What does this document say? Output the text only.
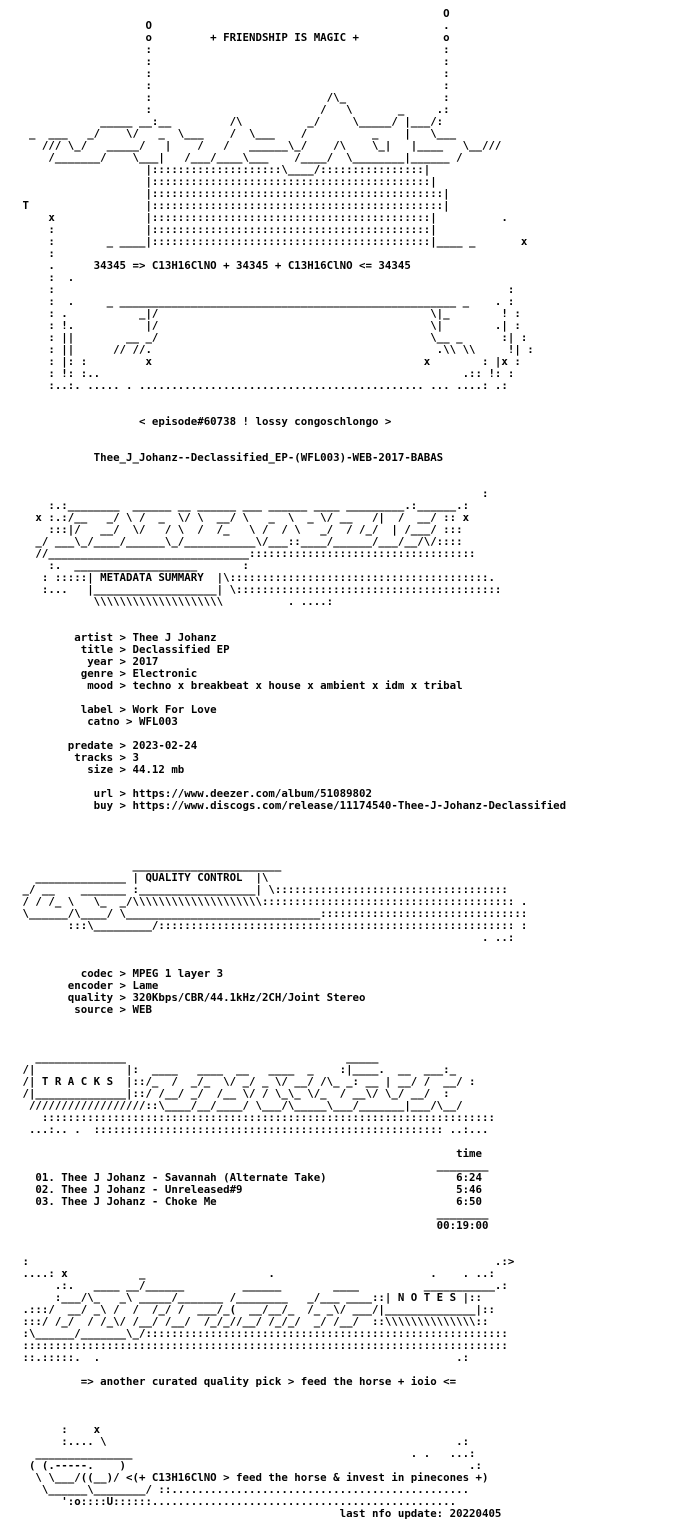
O
O                                             .
o         + FRIENDSHIP IS MAGIC +             o
:                                             :
:                                             :
:                                             :
:                                             :
:                           /\_               :
:                          /   \       _     .:
_____ __:__         /\          _/     \_____/ |___/:
_  ___   _/    \/   _  \___    /  \___    /          _    |   \___
/// \_/   _____/   |    /   /   ______\_/    /\    \_|   |____   \__///
/_______/    \___|   /___/____\___    /____/  \________|______ /
|::::::::::::::::::::\____/::::::::::::::::|
|:::::::::::::::::::::::::::::::::::::::::::|
|:::::::::::::::::::::::::::::::::::::::::::::|
T                  |:::::::::::::::::::::::::::::::::::::::::::::|
x              |:::::::::::::::::::::::::::::::::::::::::::|          .
:              |:::::::::::::::::::::::::::::::::::::::::::|
:        _ ____|:::::::::::::::::::::::::::::::::::::::::::|____ _       x
:
.      34345 => C13H16ClNO + 34345 + C13H16ClNO <= 34345
:  .
:                                                                      :
:  .     _ ____________________________________________________ _    . :
: .           _|/                                          \|_        ! :
: !.           |/                                          \|        .| :
: ||        __ _/                                          \__ _      :| :
: ||      // //.                                            .\\ \\     !| :
: |: :         x                                          x        : |x :
: !: :..                                                        .:: !: :
:..:. ..... . ............................................ ... ....: .:
< episode#60738 ! lossy congoschlongo >
Thee_J_Johanz--Declassified_EP-(WFL003)-WEB-2017-BABAS
:
:.:________  ______ __ ______ ___ ______ ____ _________.:______.:
x :.:/__   _/ \ /  _  \/ \  __/ \   _  \  _ \/ __   /|  /  __/ :: x
:::|/   __/  \/   / \  /  /_   \ /  / \   _/  / /_/  | /___/ :::
_/ ___\_/____/______\_/___________\/___::____/______/___/__/\/::::
//_______________________________:::::::::::::::::::::::::::::::::::
:.  ___________________       :
: :::::| METADATA SUMMARY  |\::::::::::::::::::::::::::::::::::::::::.
:...   |___________________| \:::::::::::::::::::::::::::::::::::::::::
\\\\\\\\\\\\\\\\\\\\          . ....:
artist > Thee J Johanz
title > Declassified EP
year > 2017
genre > Electronic
mood > techno x breakbeat x house x ambient x idm x tribal
label > Work For Love
catno > WFL003
predate > 2023-02-24
tracks > 3
size > 44.12 mb
url > https://www.deezer.com/album/51089802
buy > https://www.discogs.com/release/11174540-Thee-J-Johanz-Declassified
_______________________
______________ | QUALITY CONTROL  |\
_/ __    _______ :__________________| \::::::::::::::::::::::::::::::::::::
/ / /_ \   \_  _/\\\\\\\\\\\\\\\\\\\\::::::::::::::::::::::::::::::::::::::: .
\______/\____/ \______________________________::::::::::::::::::::::::::::::::
:::\_________/::::::::::::::::::::::::::::::::::::::::::::::::::::::: :
. ..:
codec > MPEG 1 layer 3
encoder > Lame
quality > 320Kbps/CBR/44.1kHz/2CH/Joint Stereo
source > WEB
______________                                  _____
/|              |:  ____   ____  __   ____  _    :|____.  __  ___:_
/| T R A C K S  |::/_  /  _/_  \/ _/ _ \/ __/ /\_ _: __ | __/ /  __/ :
/|______________|::/ /__/ _/  /__ \/ / \_\_ \/_  / __\/ \_/ __/  :
//////////////////::\____/__/____/ \___/\_____\___/_______|___/\__/
::::::::::::::::::::::::::::::::::::::::::::::::::::::::::::::::::::::
...:.. .  :::::::::::::::::::::::::::::::::::::::::::::::::::::: ..:...
time
________
01. Thee J Johanz - Savannah (Alternate Take)                    6:24
02. Thee J Johanz - Unreleased#9                                 5:46
03. Thee J Johanz - Choke Me                                     6:50
________
00:19:00
:                                                                        .:>
....: x           _                   .                        .    . ..:
.:.   ____ __/______         ______        ____          ___________.:
:___/\_   _\ _____/_______ /________   _/___ ____::| N O T E S |::
.:::/  __/ _\ /  /  /_/ /  ___/_(  __/__/_  /_ _\/ ___/|______________|::
:::/ /_/  / /_\/ /__/ /__/  /_/_//__/ /_/_/  _/ /__/  ::\\\\\\\\\\\\\\::
:\______/_______\_/::::::::::::::::::::::::::::::::::::::::::::::::::::::::
:::::::::::::::::::::::::::::::::::::::::::::::::::::::::::::::::::::::::::
::.:::::.  .                                                       .:
=> another curated quality pick > feed the horse + ioio <=
:    x
:.... \                                                      .:
_______________                                           . .   ...:
( (.-----.    )                                                     .:
\ \___/((__)/ <(+ C13H16ClNO > feed the horse & invest in pinecones +)
\______\________/ ::..............................................
':o::::U::::::...............................................
last nfo update: 20220405
